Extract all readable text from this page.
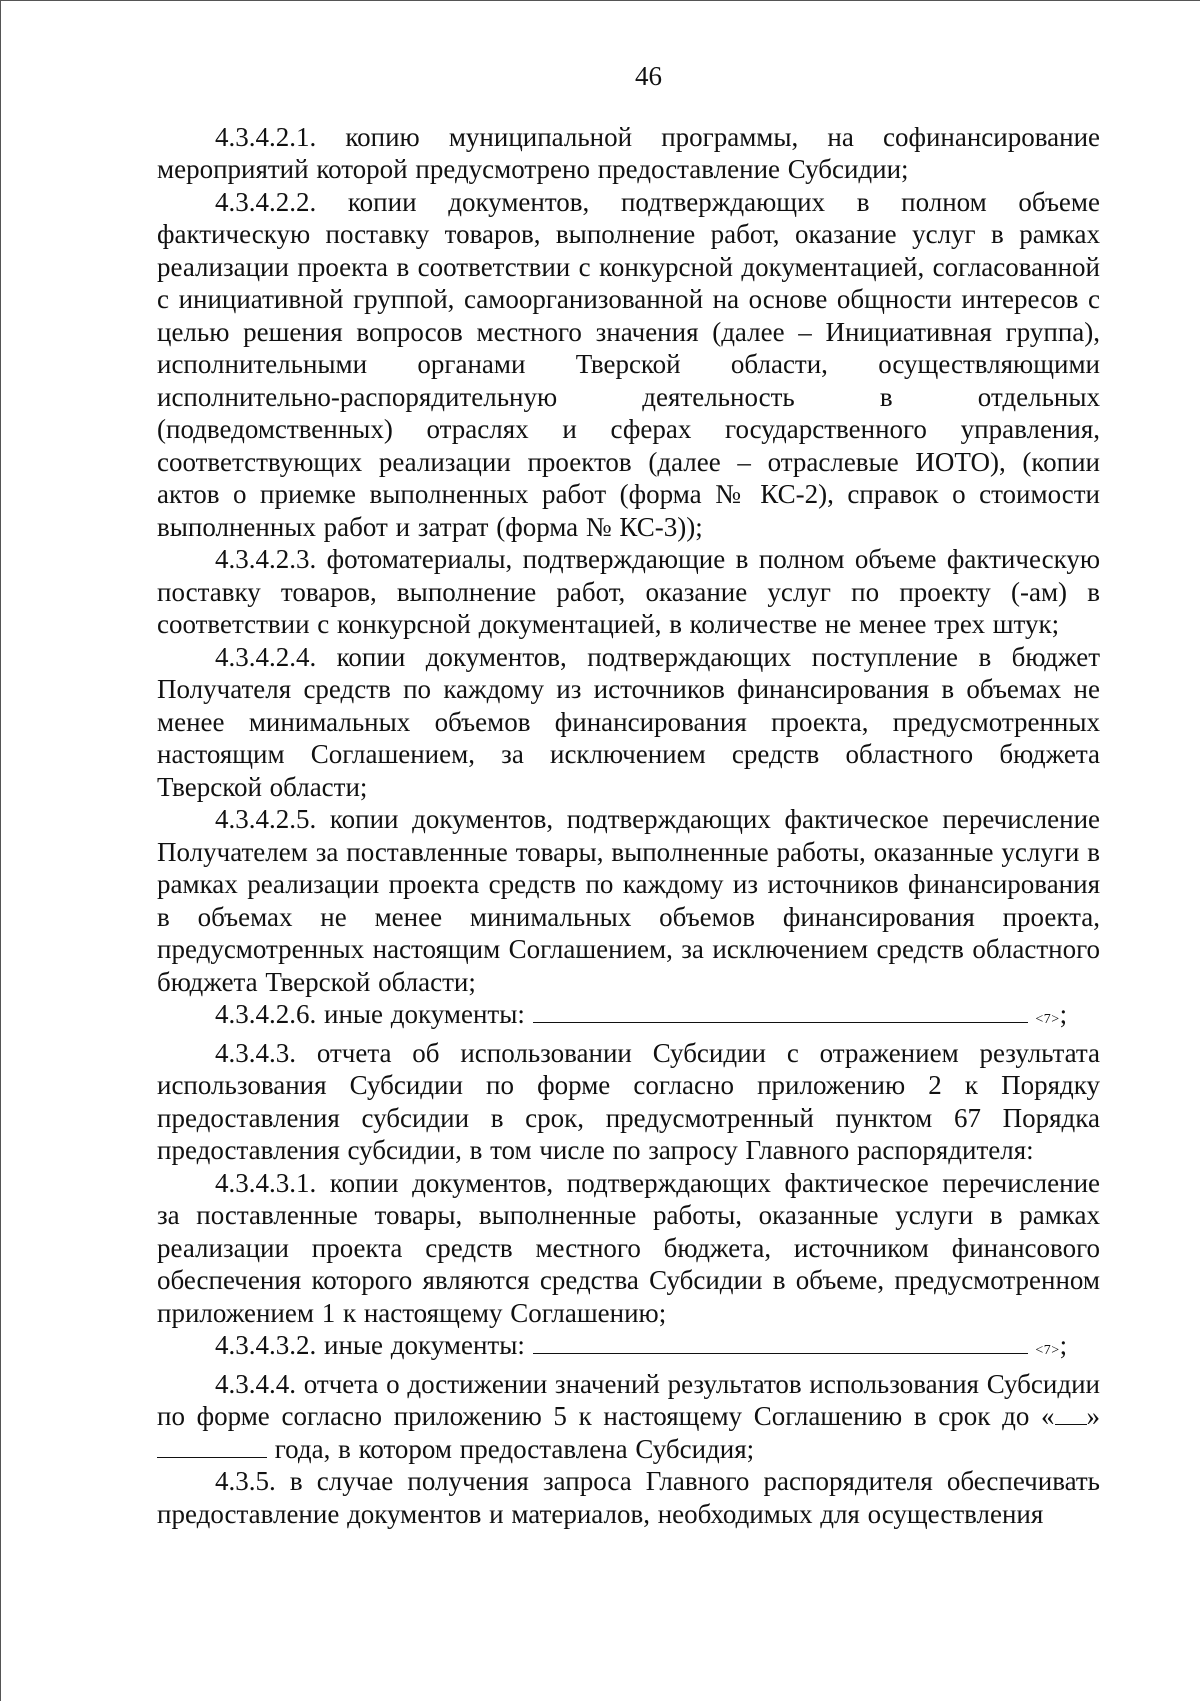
46

4.3.4.2.1. копию муниципальной программы, на софинансирование мероприятий которой предусмотрено предоставление Субсидии;

4.3.4.2.2. копии документов, подтверждающих в полном объеме фактическую поставку товаров, выполнение работ, оказание услуг в рамках реализации проекта в соответствии с конкурсной документацией, согласованной с инициативной группой, самоорганизованной на основе общности интересов с целью решения вопросов местного значения (далее – Инициативная группа), исполнительными органами Тверской области, осуществляющими исполнительно-распорядительную деятельность в отдельных (подведомственных) отраслях и сферах государственного управления, соответствующих реализации проектов (далее – отраслевые ИОТО), (копии актов о приемке выполненных работ (форма № КС-2), справок о стоимости выполненных работ и затрат (форма № КС-3));

4.3.4.2.3. фотоматериалы, подтверждающие в полном объеме фактическую поставку товаров, выполнение работ, оказание услуг по проекту (-ам) в соответствии с конкурсной документацией, в количестве не менее трех штук;

4.3.4.2.4. копии документов, подтверждающих поступление в бюджет Получателя средств по каждому из источников финансирования в объемах не менее минимальных объемов финансирования проекта, предусмотренных настоящим Соглашением, за исключением средств областного бюджета Тверской области;

4.3.4.2.5. копии документов, подтверждающих фактическое перечисление Получателем за поставленные товары, выполненные работы, оказанные услуги в рамках реализации проекта средств по каждому из источников финансирования в объемах не менее минимальных объемов финансирования проекта, предусмотренных настоящим Соглашением, за исключением средств областного бюджета Тверской области;

4.3.4.2.6. иные документы:	<7>;

4.3.4.3. отчета об использовании Субсидии с отражением результата использования Субсидии по форме согласно приложению 2 к Порядку предоставления субсидии в срок, предусмотренный пунктом 67 Порядка предоставления субсидии, в том числе по запросу Главного распорядителя:

4.3.4.3.1. копии документов, подтверждающих фактическое перечисление за поставленные товары, выполненные работы, оказанные услуги в рамках реализации проекта средств местного бюджета, источником финансового обеспечения которого являются средства Субсидии в объеме, предусмотренном приложением 1 к настоящему Соглашению;

4.3.4.3.2. иные документы:	<7>;

4.3.4.4. отчета о достижении значений результатов использования Субсидии по форме согласно приложению 5 к настоящему Соглашению в срок до « »  года, в котором предоставлена Субсидия;

4.3.5. в случае получения запроса Главного распорядителя обеспечивать предоставление документов и материалов, необходимых для осуществления
